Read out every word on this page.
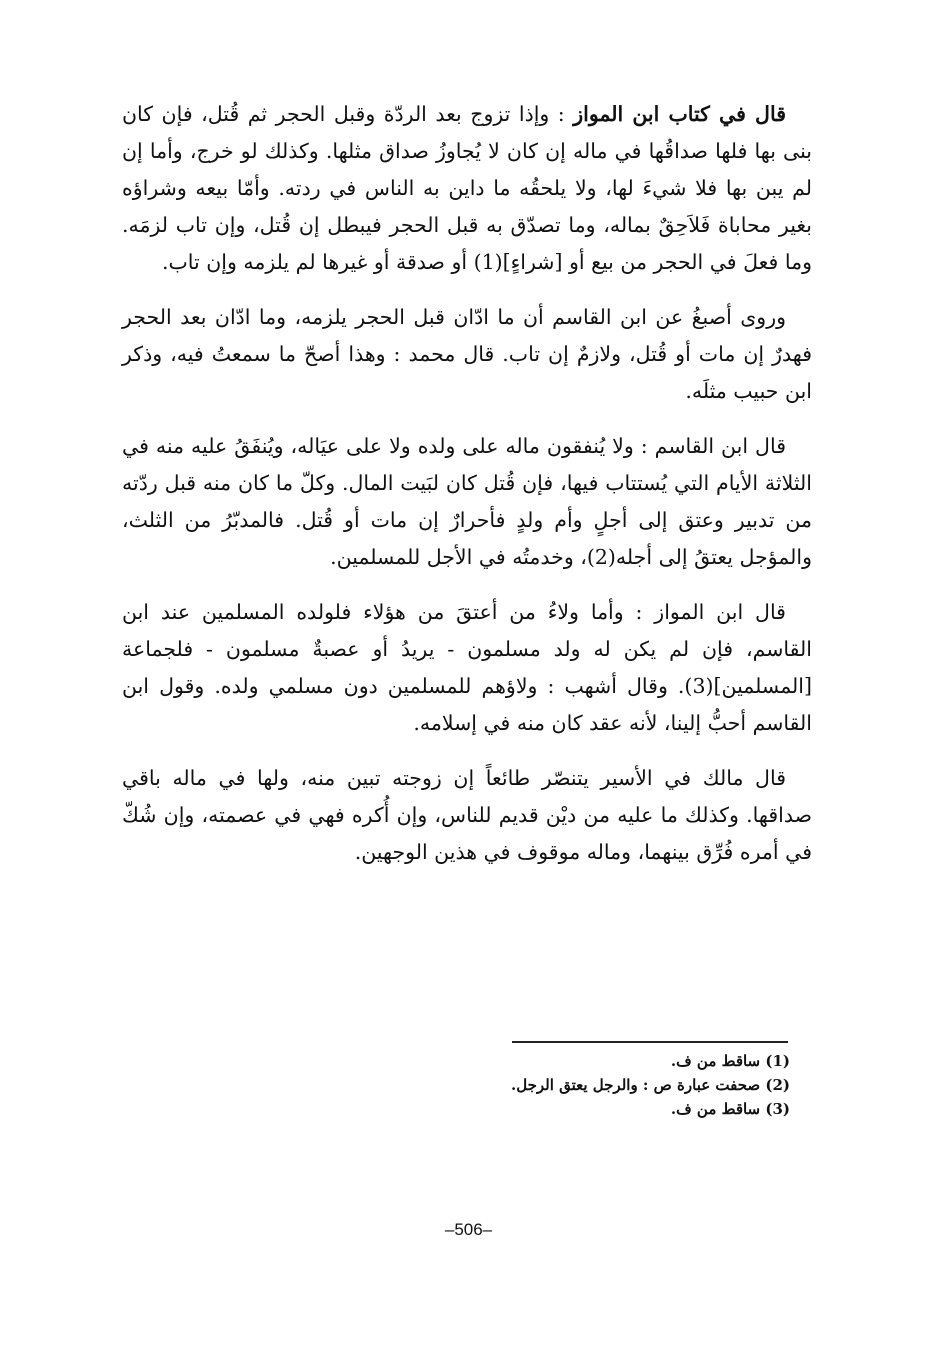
قال في كتاب ابن المواز : وإذا تزوج بعد الردّة وقبل الحجر ثم قُتل، فإن كان بنى بها فلها صداقُها في ماله إن كان لا يُجاوزُ صداق مثلها. وكذلك لو خرج، وأما إن لم يبن بها فلا شيءَ لها، ولا يلحقُه ما داين به الناس في ردته. وأمّا بيعه وشراؤه بغير محاباة فَلاَحِقٌ بماله، وما تصدّق به قبل الحجر فيبطل إن قُتل، وإن تاب لزمَه. وما فعلَ في الحجر من بيع أو [شراءٍ](1) أو صدقة أو غيرها لم يلزمه وإن تاب.

وروى أصبغُ عن ابن القاسم أن ما ادّان قبل الحجر يلزمه، وما ادّان بعد الحجر فهدرٌ إن مات أو قُتل، ولازمٌ إن تاب. قال محمد : وهذا أصحّ ما سمعتُ فيه، وذكر ابن حبيب مثلَه.

قال ابن القاسم : ولا يُنفقون ماله على ولده ولا على عيَاله، ويُنفَقُ عليه منه في الثلاثة الأيام التي يُستتاب فيها، فإن قُتل كان لبَيت المال. وكلّ ما كان منه قبل ردّته من تدبير وعتق إلى أجلٍ وأم ولدٍ فأحرارٌ إن مات أو قُتل. فالمدبّرُ من الثلث، والمؤجل يعتقُ إلى أجله(2)، وخدمتُه في الأجل للمسلمين.

قال ابن المواز : وأما ولاءُ من أعتقَ من هؤلاء فلولده المسلمين عند ابن القاسم، فإن لم يكن له ولد مسلمون - يريدُ أو عصبةٌ مسلمون - فلجماعة [المسلمين](3). وقال أشهب : ولاؤهم للمسلمين دون مسلمي ولده. وقول ابن القاسم أحبُّ إلينا، لأنه عقد كان منه في إسلامه.

قال مالك في الأسير يتنصّر طائعاً إن زوجته تبين منه، ولها في ماله باقي صداقها. وكذلك ما عليه من ديْن قديم للناس، وإن أُكره فهي في عصمته، وإن شُكّ في أمره فُرِّق بينهما، وماله موقوف في هذين الوجهين.

(1) ساقط من ف.
(2) صحفت عبارة ص : والرجل يعتق الرجل.
(3) ساقط من ف.
–506–
